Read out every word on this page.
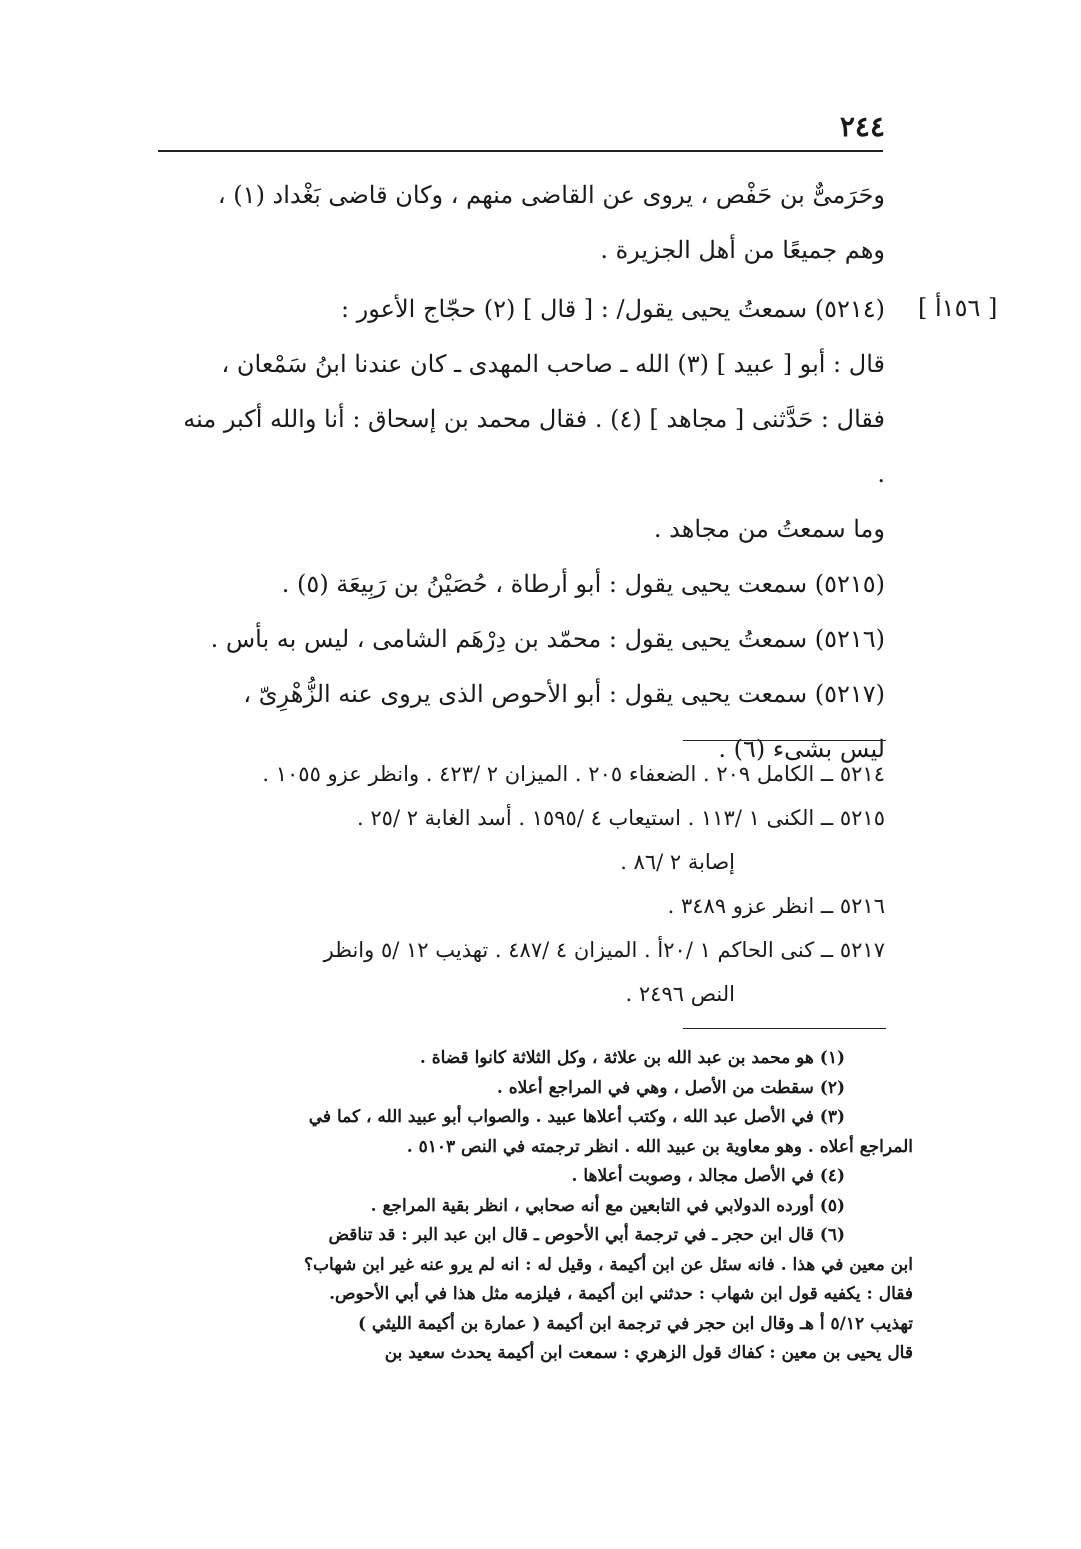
٢٤٤
[ ١٥٦أ ]

وحَرَمىٌّ بن حَفْص ، يروى عن القاضى منهم ، وكان قاضى بَغْداد (١) ،

وهم جميعًا من أهل الجزيرة .

(٥٢١٤) سمعتُ يحيى يقول/ : [ قال ] (٢) حجّاج الأعور :

قال : أبو [ عبيد ] (٣) الله ـ صاحب المهدى ـ كان عندنا ابنُ سَمْعان ،

فقال : حَدَّثنى [ مجاهد ] (٤) . فقال محمد بن إسحاق : أنا والله أكبر منه .

وما سمعتُ من مجاهد .

(٥٢١٥) سمعت يحيى يقول : أبو أرطاة ، حُصَيْنُ بن رَبِيعَة (٥) .

(٥٢١٦) سمعتُ يحيى يقول : محمّد بن دِرْهَم الشامى ، ليس به بأس .

(٥٢١٧) سمعت يحيى يقول : أبو الأحوص الذى يروى عنه الزُّهْرِىّ ،

ليس بشىء (٦) .

٥٢١٤ ــ الكامل ٢٠٩ . الضعفاء ٢٠٥ . الميزان ٢ /٤٢٣ . وانظر عزو ١٠٥٥ .

٥٢١٥ ــ الكنى ١ /١١٣ . استيعاب ٤ /١٥٩٥ . أسد الغابة ٢ /٢٥ .

إصابة ٢ /٨٦ .

٥٢١٦ ــ انظر عزو ٣٤٨٩ .

٥٢١٧ ــ كنى الحاكم ١ /٢٠أ . الميزان ٤ /٤٨٧ . تهذيب ١٢ /٥ وانظر

النص ٢٤٩٦ .

(١) هو محمد بن عبد الله بن علاثة ، وكل الثلاثة كانوا قضاة .

(٢) سقطت من الأصل ، وهي في المراجع أعلاه .

(٣) في الأصل عبد الله ، وكتب أعلاها عبيد . والصواب أبو عبيد الله ، كما في

المراجع أعلاه . وهو معاوية بن عبيد الله . انظر ترجمته في النص ٥١٠٣ .

(٤) في الأصل مجالد ، وصوبت أعلاها .

(٥) أورده الدولابي في التابعين مع أنه صحابي ، انظر بقية المراجع .

(٦) قال ابن حجر ـ في ترجمة أبي الأحوص ـ قال ابن عبد البر : قد تناقض

ابن معين في هذا . فانه سئل عن ابن أكيمة ، وقيل له : انه لم يرو عنه غير ابن شهاب؟

فقال : يكفيه قول ابن شهاب : حدثني ابن أكيمة ، فيلزمه مثل هذا في أبي الأحوص.

تهذيب ٥/١٢ أ هـ وقال ابن حجر في ترجمة ابن أكيمة ( عمارة بن أكيمة الليثي )

قال يحيى بن معين : كفاك قول الزهري : سمعت ابن أكيمة يحدث سعيد بن
